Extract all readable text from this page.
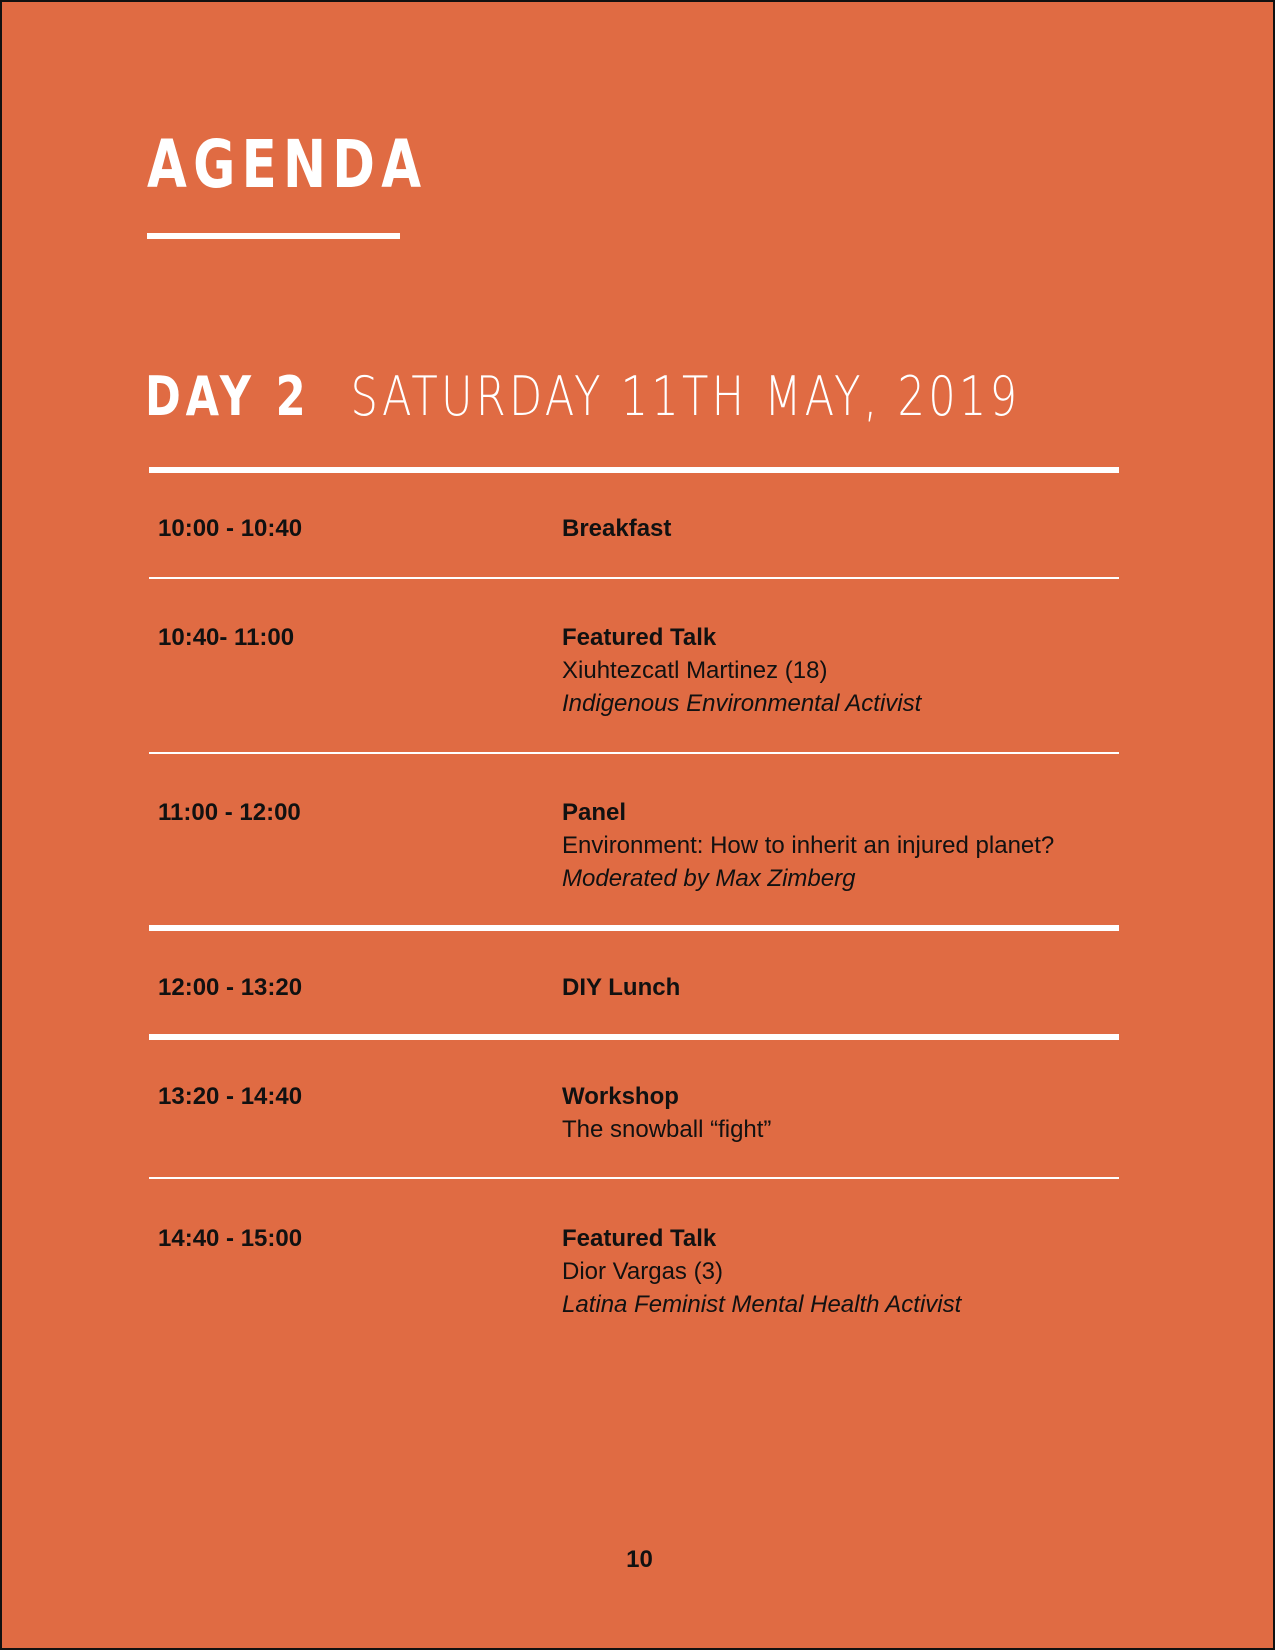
AGENDA
DAY 2 SATURDAY 11TH MAY, 2019
10:00 - 10:40	Breakfast
10:40- 11:00	Featured Talk
Xiuhtezcatl Martinez (18)
Indigenous Environmental Activist
11:00 - 12:00	Panel
Environment: How to inherit an injured planet?
Moderated by Max Zimberg
12:00 - 13:20	DIY Lunch
13:20 - 14:40	Workshop
The snowball “fight”
14:40 - 15:00	Featured Talk
Dior Vargas (3)
Latina Feminist Mental Health Activist
10
